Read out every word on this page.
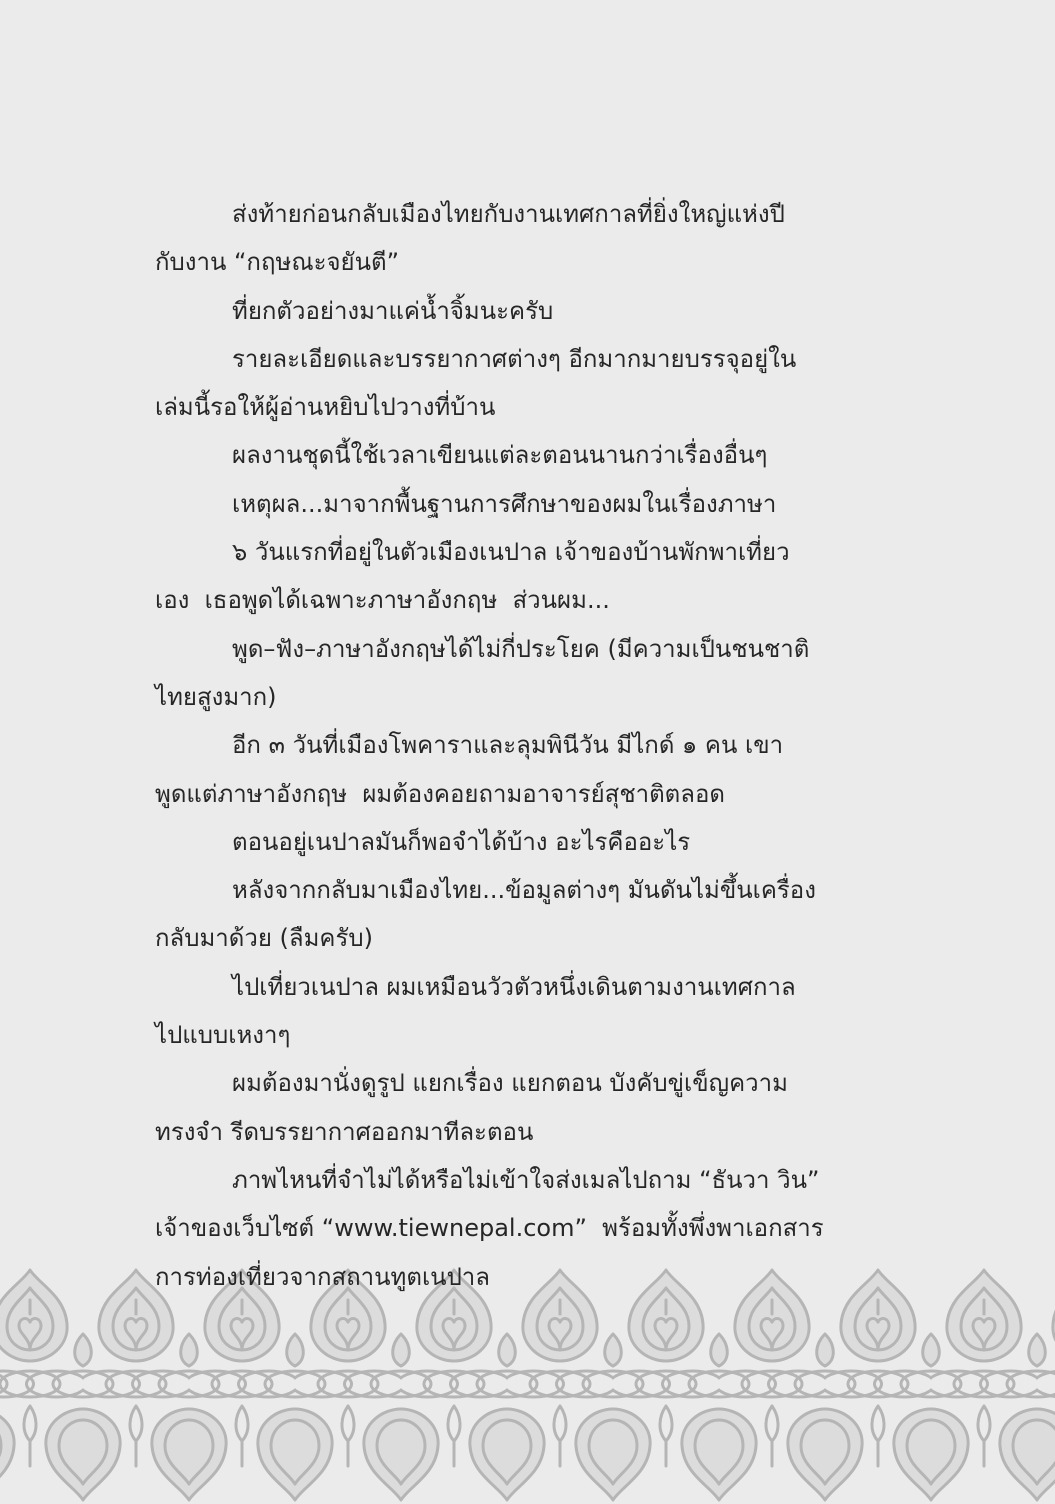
ส่งท้ายก่อนกลับเมืองไทยกับงานเทศกาลที่ยิ่งใหญ่แห่งปี
กับงาน “กฤษณะจยันตี”
ที่ยกตัวอย่างมาแค่น้ำจิ้มนะครับ
รายละเอียดและบรรยากาศต่างๆ อีกมากมายบรรจุอยู่ใน
เล่มนี้รอให้ผู้อ่านหยิบไปวางที่บ้าน
ผลงานชุดนี้ใช้เวลาเขียนแต่ละตอนนานกว่าเรื่องอื่นๆ
เหตุผล...มาจากพื้นฐานการศึกษาของผมในเรื่องภาษา
๖ วันแรกที่อยู่ในตัวเมืองเนปาล เจ้าของบ้านพักพาเที่ยว
เอง  เธอพูดได้เฉพาะภาษาอังกฤษ  ส่วนผม...
พูด–ฟัง–ภาษาอังกฤษได้ไม่กี่ประโยค (มีความเป็นชนชาติ
ไทยสูงมาก)
อีก ๓ วันที่เมืองโพคาราและลุมพินีวัน มีไกด์ ๑ คน เขา
พูดแต่ภาษาอังกฤษ  ผมต้องคอยถามอาจารย์สุชาติตลอด
ตอนอยู่เนปาลมันก็พอจำได้บ้าง อะไรคืออะไร
หลังจากกลับมาเมืองไทย...ข้อมูลต่างๆ มันดันไม่ขึ้นเครื่อง
กลับมาด้วย (ลืมครับ)
ไปเที่ยวเนปาล ผมเหมือนวัวตัวหนึ่งเดินตามงานเทศกาล
ไปแบบเหงาๆ
ผมต้องมานั่งดูรูป แยกเรื่อง แยกตอน บังคับขู่เข็ญความ
ทรงจำ รีดบรรยากาศออกมาทีละตอน
ภาพไหนที่จำไม่ได้หรือไม่เข้าใจส่งเมลไปถาม “ธันวา วิน”
เจ้าของเว็บไซต์ “www.tiewnepal.com”  พร้อมทั้งพึ่งพาเอกสาร
การท่องเที่ยวจากสถานทูตเนปาล
